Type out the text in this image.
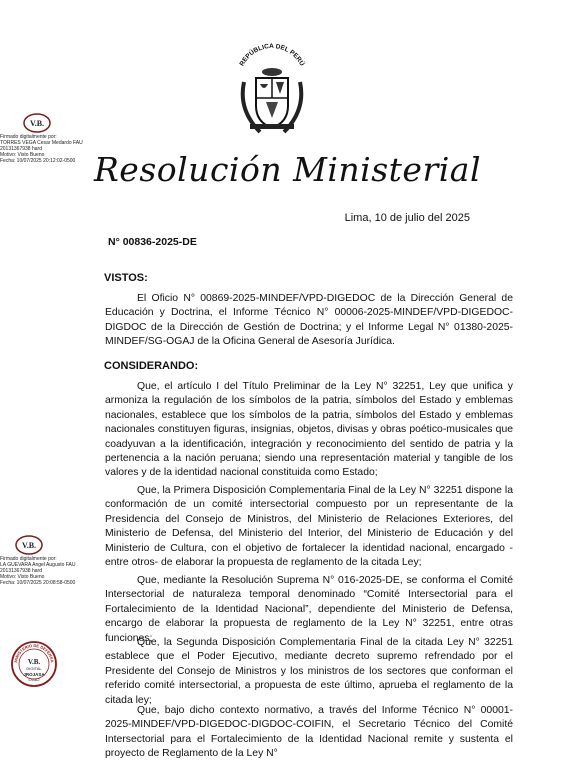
REPÚBLICA DEL PERÚ
Resolución Ministerial
Lima, 10 de julio del 2025
N° 00836-2025-DE
VISTOS:

El Oficio N° 00869-2025-MINDEF/VPD-DIGEDOC de la Dirección General de Educación y Doctrina, el Informe Técnico N° 00006-2025-MINDEF/VPD-DIGEDOC-DIGDOC de la Dirección de Gestión de Doctrina; y el Informe Legal N° 01380-2025-MINDEF/SG-OGAJ de la Oficina General de Asesoría Jurídica.

CONSIDERANDO:

Que, el artículo I del Título Preliminar de la Ley N° 32251, Ley que unifica y armoniza la regulación de los símbolos de la patria, símbolos del Estado y emblemas nacionales, establece que los símbolos de la patria, símbolos del Estado y emblemas nacionales constituyen figuras, insignias, objetos, divisas y obras poético-musicales que coadyuvan a la identificación, integración y reconocimiento del sentido de patria y la pertenencia a la nación peruana; siendo una representación material y tangible de los valores y de la identidad nacional constituida como Estado;

Que, la Primera Disposición Complementaria Final de la Ley N° 32251 dispone la conformación de un comité intersectorial compuesto por un representante de la Presidencia del Consejo de Ministros, del Ministerio de Relaciones Exteriores, del Ministerio de Defensa, del Ministerio del Interior, del Ministerio de Educación y del Ministerio de Cultura, con el objetivo de fortalecer la identidad nacional, encargado -entre otros- de elaborar la propuesta de reglamento de la citada Ley;

Que, mediante la Resolución Suprema N° 016-2025-DE, se conforma el Comité Intersectorial de naturaleza temporal denominado “Comité Intersectorial para el Fortalecimiento de la Identidad Nacional”, dependiente del Ministerio de Defensa, encargo de elaborar la propuesta de reglamento de la Ley N° 32251, entre otras funciones;

Que, la Segunda Disposición Complementaria Final de la citada Ley N° 32251 establece que el Poder Ejecutivo, mediante decreto supremo refrendado por el Presidente del Consejo de Ministros y los ministros de los sectores que conforman el referido comité intersectorial, a propuesta de este último, aprueba el reglamento de la citada ley;

Que, bajo dicho contexto normativo, a través del Informe Técnico N° 00001-2025-MINDEF/VPD-DIGEDOC-DIGDOC-COIFIN, el Secretario Técnico del Comité Intersectorial para el Fortalecimiento de la Identidad Nacional remite y sustenta el proyecto de Reglamento de la Ley N°

V.B.
Firmado digitalmente por:
TORRES VEGA Cesar Medardo FAU
20131367938 hard
Motivo: Visto Bueno
Fecha: 10/07/2025 20:12:02-0500
V.B.
Firmado digitalmente por:
LA GUEVARA Angel Augusto FAU
20131367938 hard
Motivo: Visto Bueno
Fecha: 10/07/2025 20:08:58-0500
MINISTERIO DE DEFENSA
V.B.
DIGITAL
JROJASA
OGAJ
